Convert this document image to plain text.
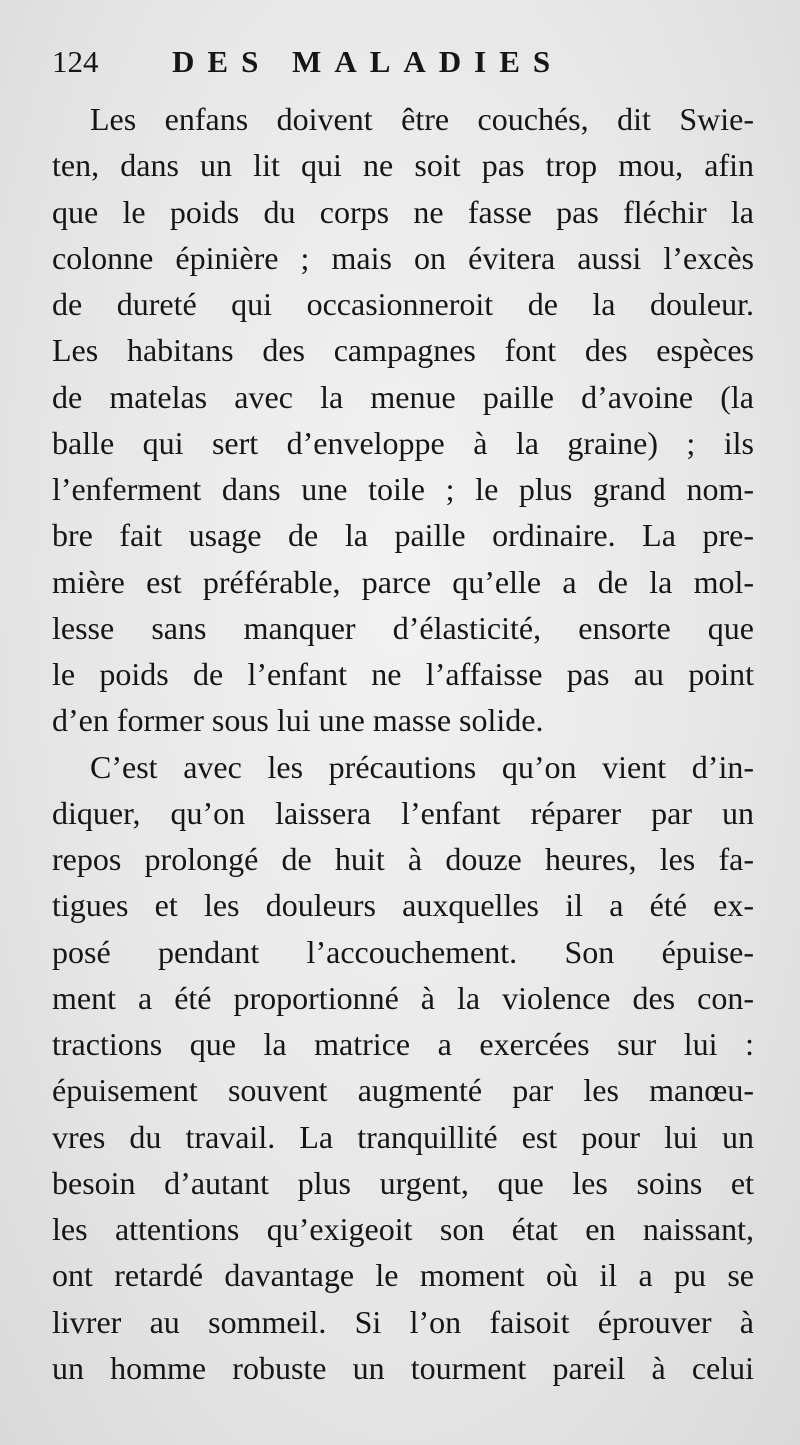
124 DES MALADIES
Les enfans doivent être couchés, dit Swie-
ten, dans un lit qui ne soit pas trop mou, afin
que le poids du corps ne fasse pas fléchir la
colonne épinière ; mais on évitera aussi l’excès
de dureté qui occasionneroit de la douleur.
Les habitans des campagnes font des espèces
de matelas avec la menue paille d’avoine (la
balle qui sert d’enveloppe à la graine) ; ils
l’enferment dans une toile ; le plus grand nom-
bre fait usage de la paille ordinaire. La pre-
mière est préférable, parce qu’elle a de la mol-
lesse sans manquer d’élasticité, ensorte que
le poids de l’enfant ne l’affaisse pas au point
d’en former sous lui une masse solide.
C’est avec les précautions qu’on vient d’in-
diquer, qu’on laissera l’enfant réparer par un
repos prolongé de huit à douze heures, les fa-
tigues et les douleurs auxquelles il a été ex-
posé pendant l’accouchement. Son épuise-
ment a été proportionné à la violence des con-
tractions que la matrice a exercées sur lui :
épuisement souvent augmenté par les manœu-
vres du travail. La tranquillité est pour lui un
besoin d’autant plus urgent, que les soins et
les attentions qu’exigeoit son état en naissant,
ont retardé davantage le moment où il a pu se
livrer au sommeil. Si l’on faisoit éprouver à
un homme robuste un tourment pareil à celui
